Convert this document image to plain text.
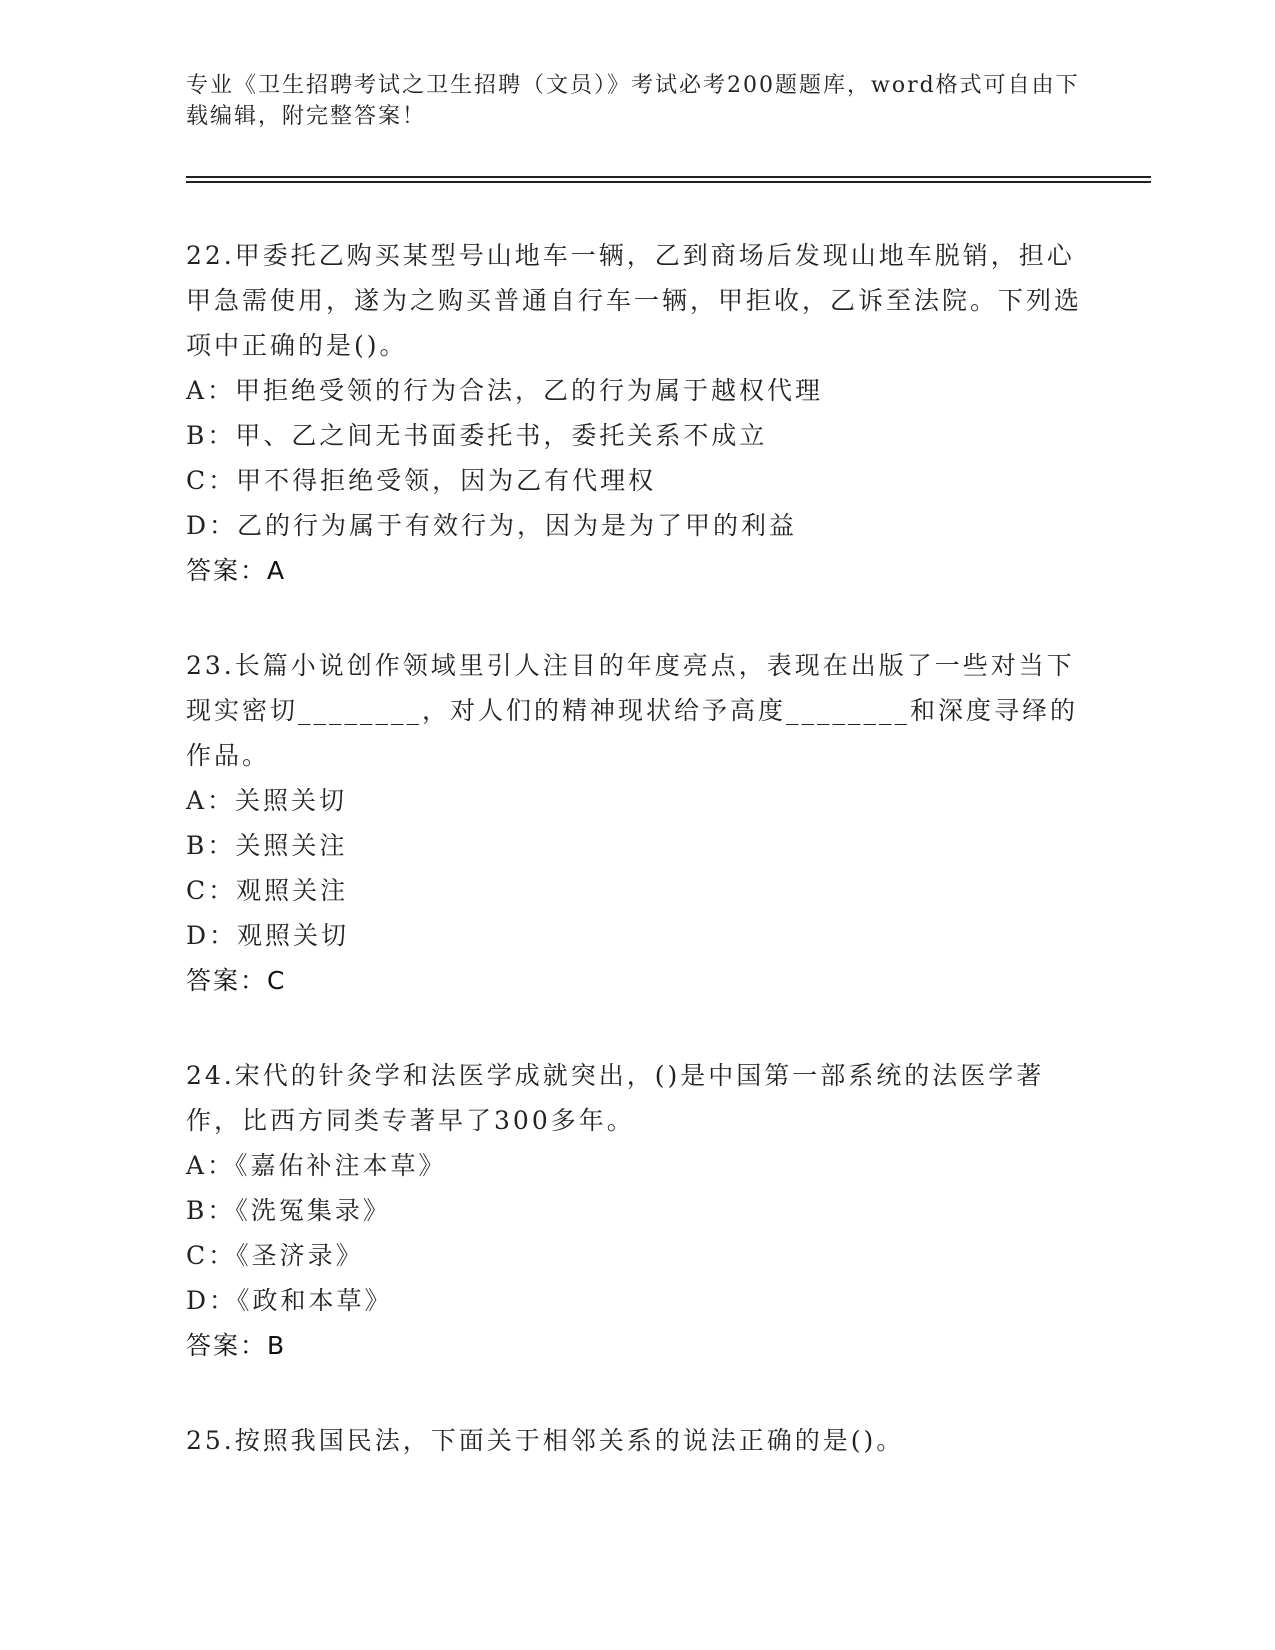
专业《卫生招聘考试之卫生招聘（文员）》考试必考200题题库，word格式可自由下载编辑，附完整答案！
22.甲委托乙购买某型号山地车一辆，乙到商场后发现山地车脱销，担心甲急需使用，遂为之购买普通自行车一辆，甲拒收，乙诉至法院。下列选项中正确的是()。
A：甲拒绝受领的行为合法，乙的行为属于越权代理
B：甲、乙之间无书面委托书，委托关系不成立
C：甲不得拒绝受领，因为乙有代理权
D：乙的行为属于有效行为，因为是为了甲的利益
答案：A
23.长篇小说创作领域里引人注目的年度亮点，表现在出版了一些对当下现实密切________，对人们的精神现状给予高度________和深度寻绎的作品。
A：关照关切
B：关照关注
C：观照关注
D：观照关切
答案：C
24.宋代的针灸学和法医学成就突出，()是中国第一部系统的法医学著作，比西方同类专著早了300多年。
A：《嘉佑补注本草》
B：《洗冤集录》
C：《圣济录》
D：《政和本草》
答案：B
25.按照我国民法，下面关于相邻关系的说法正确的是()。
